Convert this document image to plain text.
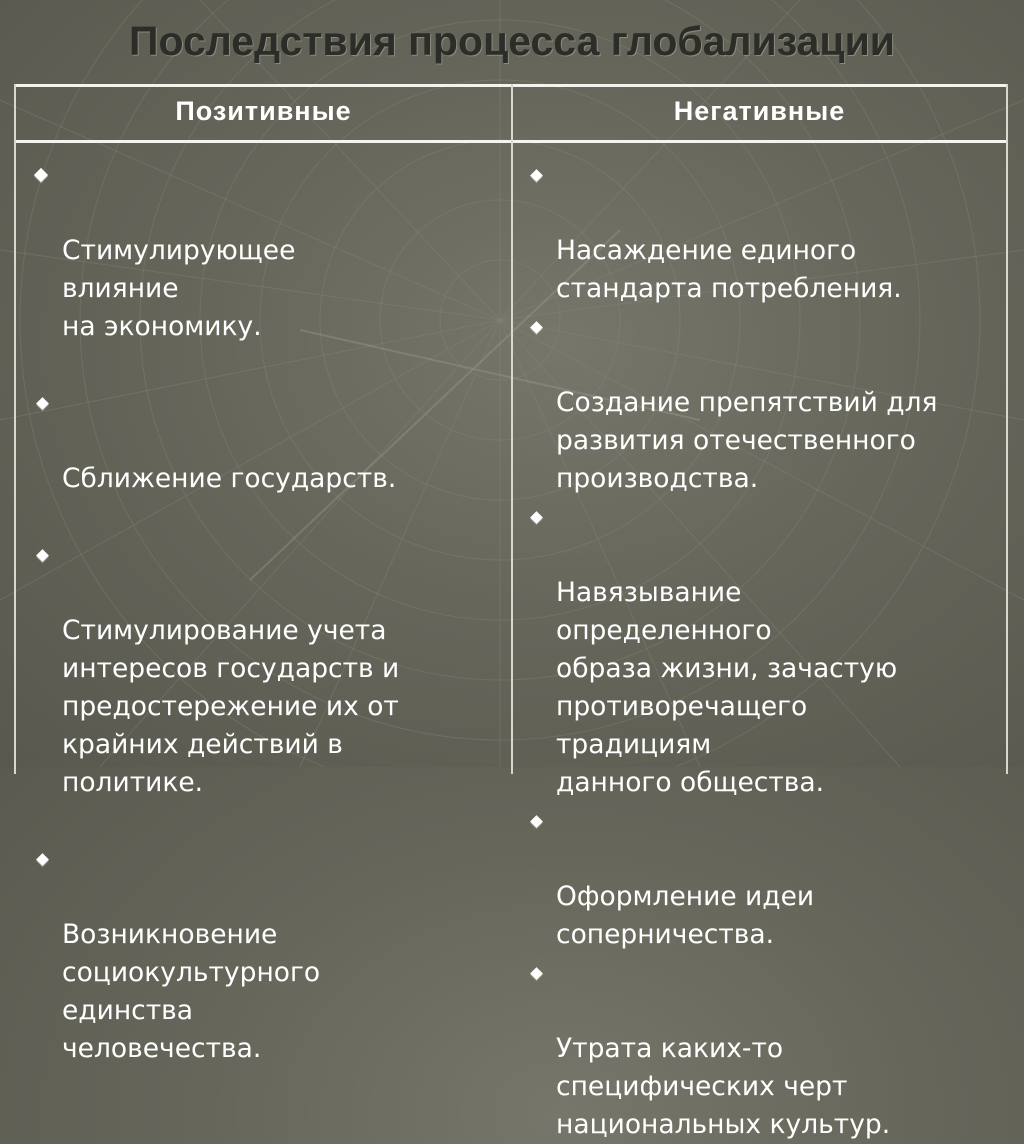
Последствия процесса глобализации
Позитивные	Негативные

Стимулирующее
влияние
на экономику.

Сближение государств.

Стимулирование учета
интересов государств и
предостережение их от
крайних действий в
политике.

Возникновение
социокультурного
единства
человечества.

Насаждение единого
стандарта потребления.

Создание препятствий для
развития отечественного
производства.

Навязывание
определенного
образа жизни, зачастую
противоречащего
традициям
данного общества.

Оформление идеи
соперничества.

Утрата каких-то
специфических черт
национальных культур.
